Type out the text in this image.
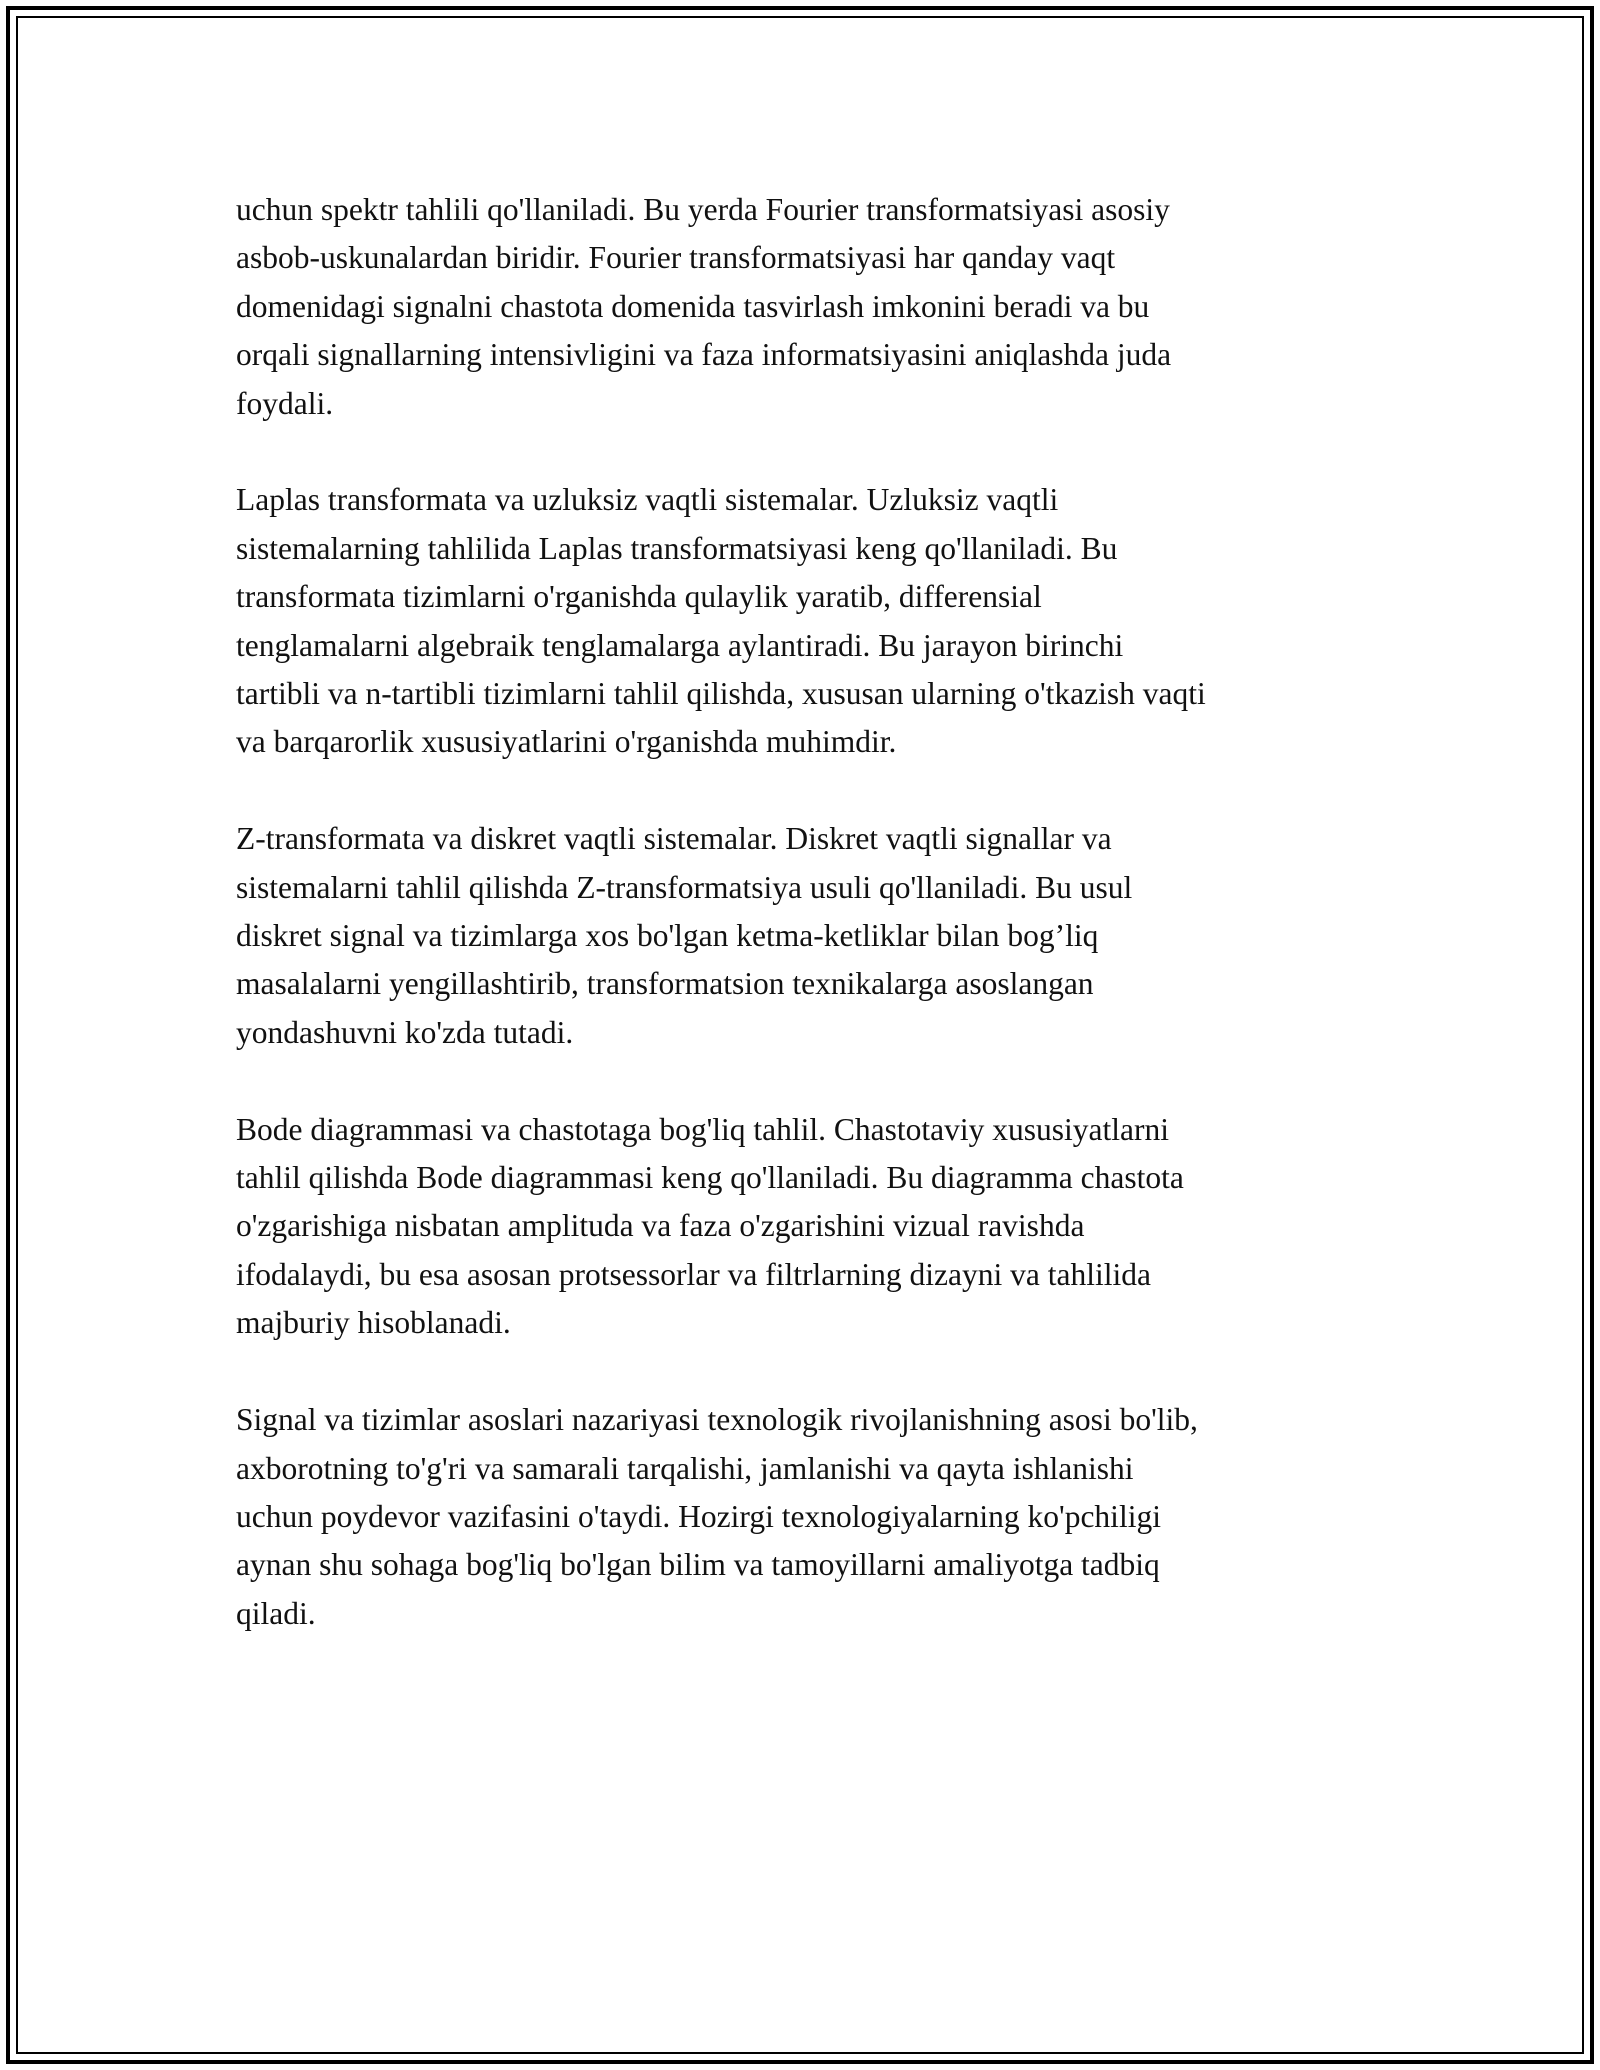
uchun spektr tahlili qo'llaniladi. Bu yerda Fourier transformatsiyasi asosiy
asbob-uskunalardan biridir. Fourier transformatsiyasi har qanday vaqt
domenidagi signalni chastota domenida tasvirlash imkonini beradi va bu
orqali signallarning intensivligini va faza informatsiyasini aniqlashda juda
foydali.

Laplas transformata va uzluksiz vaqtli sistemalar. Uzluksiz vaqtli
sistemalarning tahlilida Laplas transformatsiyasi keng qo'llaniladi. Bu
transformata tizimlarni o'rganishda qulaylik yaratib, differensial
tenglamalarni algebraik tenglamalarga aylantiradi. Bu jarayon birinchi
tartibli va n-tartibli tizimlarni tahlil qilishda, xususan ularning o'tkazish vaqti
va barqarorlik xususiyatlarini o'rganishda muhimdir.

Z-transformata va diskret vaqtli sistemalar. Diskret vaqtli signallar va
sistemalarni tahlil qilishda Z-transformatsiya usuli qo'llaniladi. Bu usul
diskret signal va tizimlarga xos bo'lgan ketma-ketliklar bilan bog’liq
masalalarni yengillashtirib, transformatsion texnikalarga asoslangan
yondashuvni ko'zda tutadi.

Bode diagrammasi va chastotaga bog'liq tahlil. Chastotaviy xususiyatlarni
tahlil qilishda Bode diagrammasi keng qo'llaniladi. Bu diagramma chastota
o'zgarishiga nisbatan amplituda va faza o'zgarishini vizual ravishda
ifodalaydi, bu esa asosan protsessorlar va filtrlarning dizayni va tahlilida
majburiy hisoblanadi.

Signal va tizimlar asoslari nazariyasi texnologik rivojlanishning asosi bo'lib,
axborotning to'g'ri va samarali tarqalishi, jamlanishi va qayta ishlanishi
uchun poydevor vazifasini o'taydi. Hozirgi texnologiyalarning ko'pchiligi
aynan shu sohaga bog'liq bo'lgan bilim va tamoyillarni amaliyotga tadbiq
qiladi.
